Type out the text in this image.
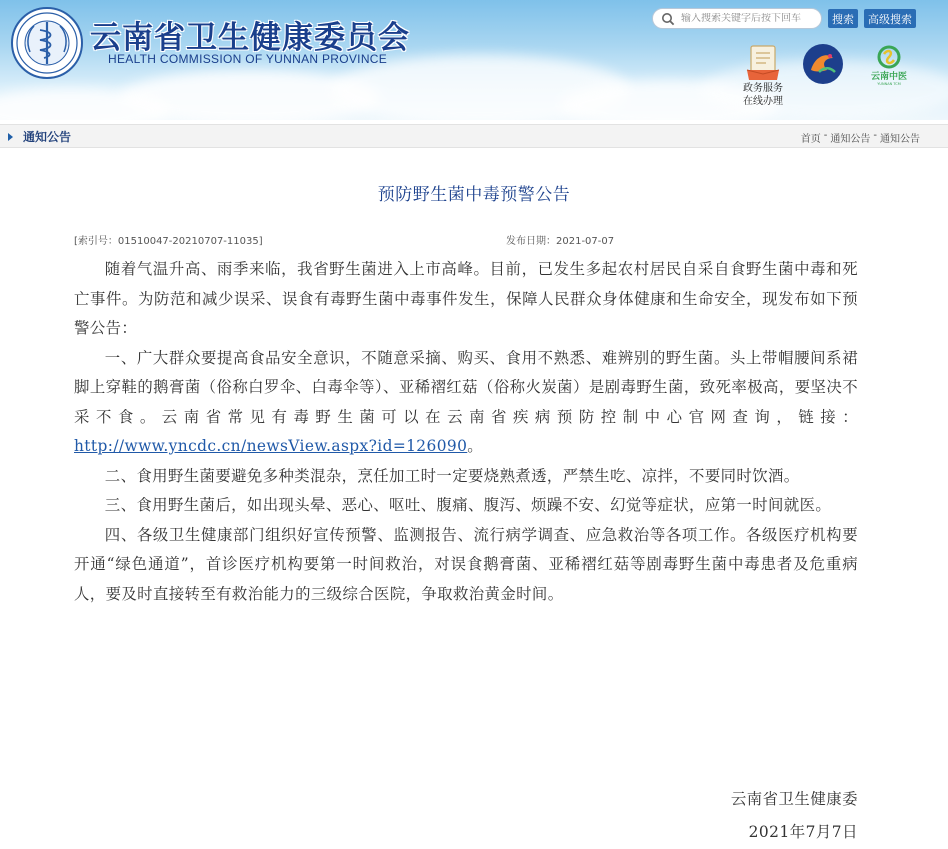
云南省卫生健康委员会
HEALTH COMMISSION OF YUNNAN PROVINCE
输入搜索关键字后按下回车
搜索	高级搜索
政务服务
在线办理
云南中医
YUNNAN TCM
通知公告	首页 - 通知公告 - 通知公告
预防野生菌中毒预警公告
[索引号：01510047-20210707-11035]	发布日期：2021-07-07

随着气温升高、雨季来临，我省野生菌进入上市高峰。目前，已发生多起农村居民自采自食野生菌中毒和死亡事件。为防范和减少误采、误食有毒野生菌中毒事件发生，保障人民群众身体健康和生命安全，现发布如下预警公告：

一、广大群众要提高食品安全意识，不随意采摘、购买、食用不熟悉、难辨别的野生菌。头上带帽腰间系裙脚上穿鞋的鹅膏菌（俗称白罗伞、白毒伞等）、亚稀褶红菇（俗称火炭菌）是剧毒野生菌，致死率极高，要坚决不采不食。云南省常见有毒野生菌可以在云南省疾病预防控制中心官网查询，链接：http://www.yncdc.cn/newsView.aspx?id=126090。

二、食用野生菌要避免多种类混杂，烹任加工时一定要烧熟煮透，严禁生吃、凉拌，不要同时饮酒。

三、食用野生菌后，如出现头晕、恶心、呕吐、腹痛、腹泻、烦躁不安、幻觉等症状，应第一时间就医。

四、各级卫生健康部门组织好宣传预警、监测报告、流行病学调查、应急救治等各项工作。各级医疗机构要开通“绿色通道”，首诊医疗机构要第一时间救治，对误食鹅膏菌、亚稀褶红菇等剧毒野生菌中毒患者及危重病人，要及时直接转至有救治能力的三级综合医院，争取救治黄金时间。

云南省卫生健康委
2021年7月7日
